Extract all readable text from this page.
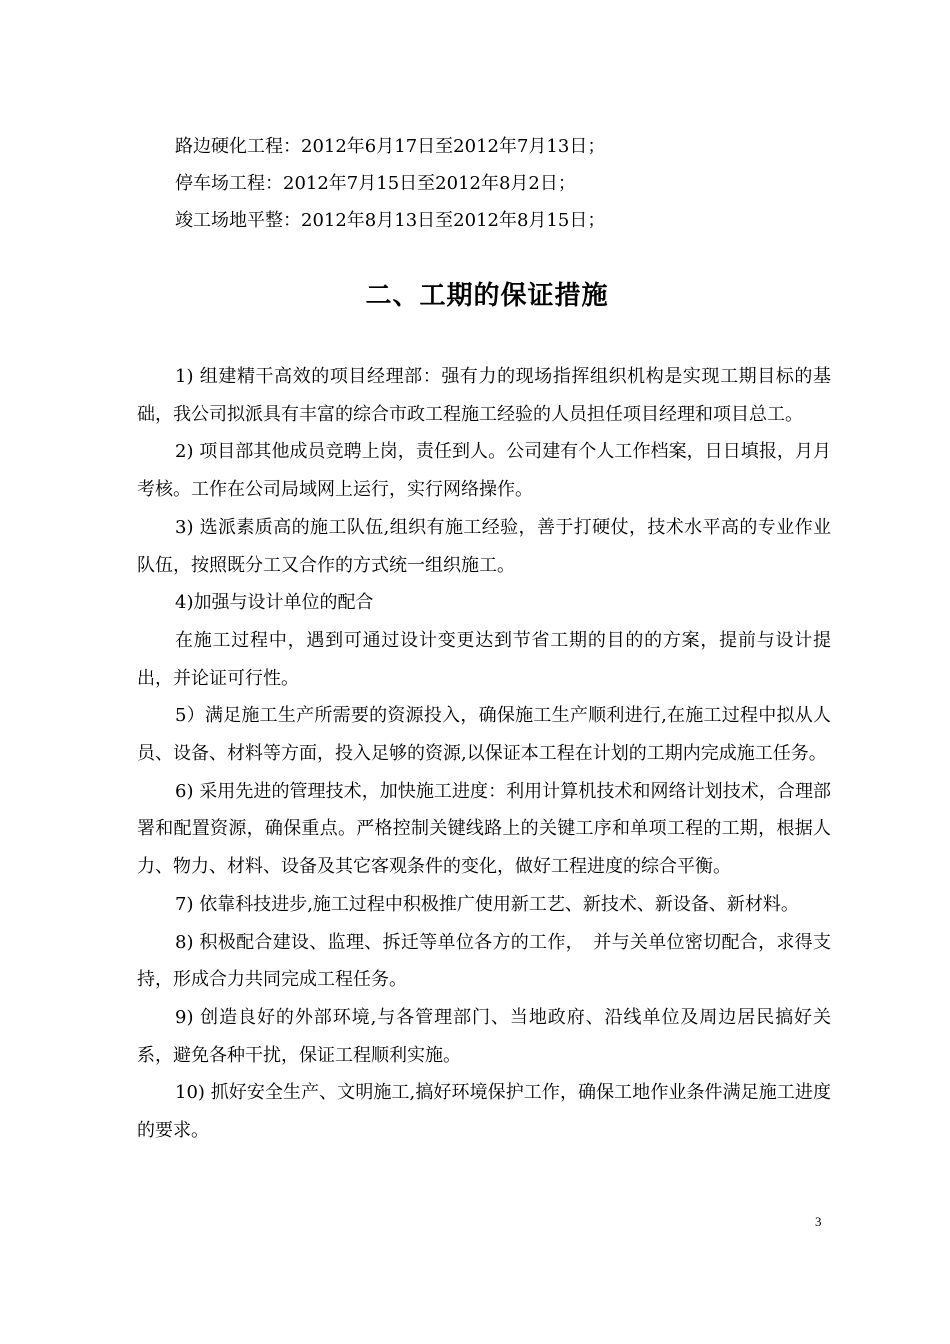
路边硬化工程：2012年6月17日至2012年7月13日；
停车场工程：2012年7月15日至2012年8月2日；
竣工场地平整：2012年8月13日至2012年8月15日；
二、工期的保证措施

1) 组建精干高效的项目经理部：强有力的现场指挥组织机构是实现工期目标的基础，我公司拟派具有丰富的综合市政工程施工经验的人员担任项目经理和项目总工。

2) 项目部其他成员竞聘上岗，责任到人。公司建有个人工作档案，日日填报，月月考核。工作在公司局域网上运行，实行网络操作。

3) 选派素质高的施工队伍,组织有施工经验，善于打硬仗，技术水平高的专业作业队伍，按照既分工又合作的方式统一组织施工。

4)加强与设计单位的配合

在施工过程中，遇到可通过设计变更达到节省工期的目的的方案，提前与设计提出，并论证可行性。

5）满足施工生产所需要的资源投入，确保施工生产顺利进行,在施工过程中拟从人员、设备、材料等方面，投入足够的资源,以保证本工程在计划的工期内完成施工任务。

6) 采用先进的管理技术，加快施工进度：利用计算机技术和网络计划技术，合理部署和配置资源，确保重点。严格控制关键线路上的关键工序和单项工程的工期，根据人力、物力、材料、设备及其它客观条件的变化，做好工程进度的综合平衡。

7) 依靠科技进步,施工过程中积极推广使用新工艺、新技术、新设备、新材料。

8) 积极配合建设、监理、拆迁等单位各方的工作，　并与关单位密切配合，求得支持，形成合力共同完成工程任务。

9) 创造良好的外部环境,与各管理部门、当地政府、沿线单位及周边居民搞好关系，避免各种干扰，保证工程顺利实施。

10) 抓好安全生产、文明施工,搞好环境保护工作，确保工地作业条件满足施工进度的要求。

3
